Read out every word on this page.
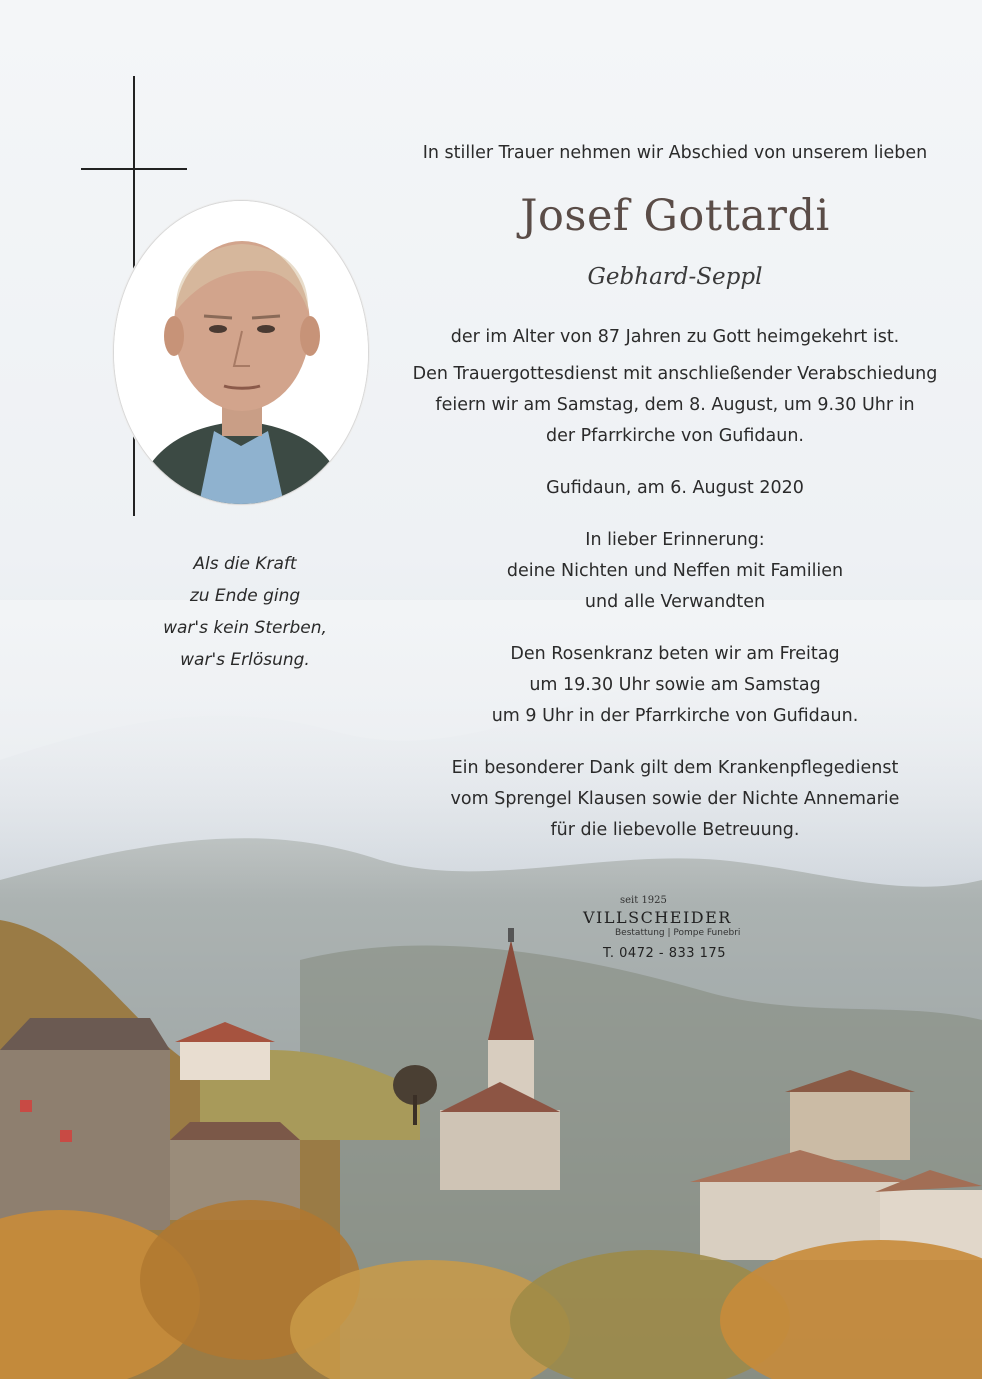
Als die Kraft
zu Ende ging
war's kein Sterben,
war's Erlösung.
In stiller Trauer nehmen wir Abschied von unserem lieben
Josef Gottardi
Gebhard-Seppl
der im Alter von 87 Jahren zu Gott heimgekehrt ist.
Den Trauergottesdienst mit anschließender Verabschiedung
feiern wir am Samstag, dem 8. August, um 9.30 Uhr in
der Pfarrkirche von Gufidaun.
Gufidaun, am 6. August 2020
In lieber Erinnerung:
deine Nichten und Neffen mit Familien
und alle Verwandten
Den Rosenkranz beten wir am Freitag
um 19.30 Uhr sowie am Samstag
um 9 Uhr in der Pfarrkirche von Gufidaun.
Ein besonderer Dank gilt dem Krankenpflegedienst
vom Sprengel Klausen sowie der Nichte Annemarie
für die liebevolle Betreuung.
seit 1925
VILLSCHEIDER
Bestattung | Pompe Funebri
T. 0472 - 833 175
